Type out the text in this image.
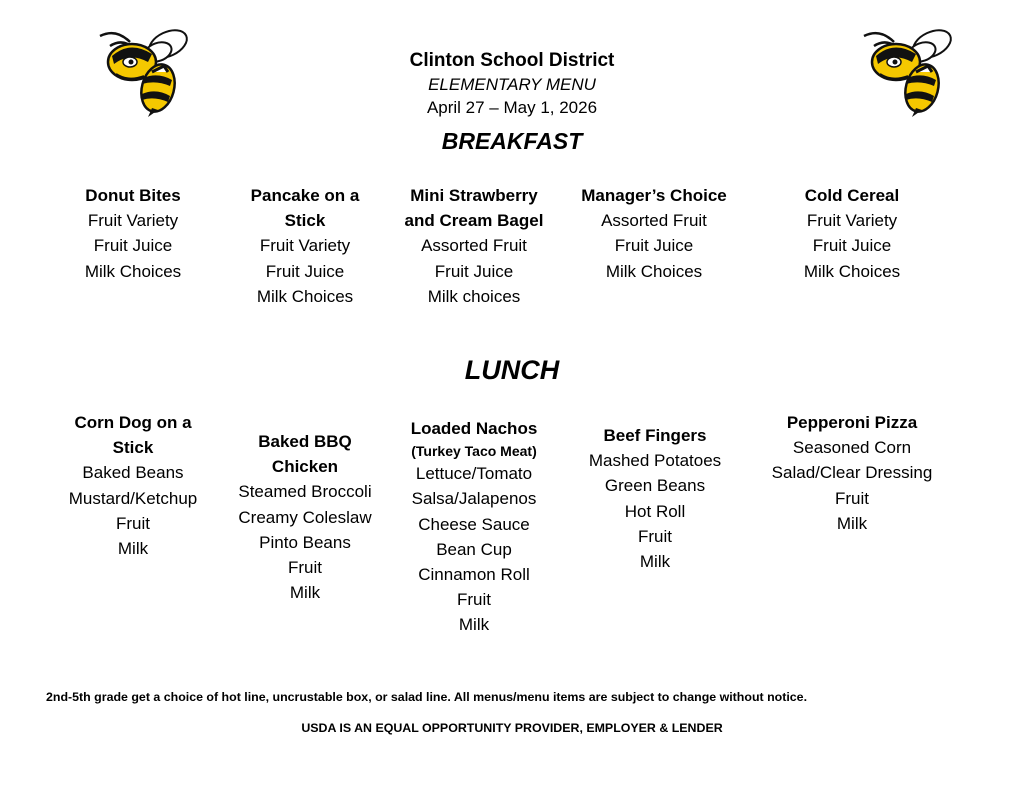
Clinton School District
ELEMENTARY MENU
April 27 – May 1, 2026
BREAKFAST
Donut Bites
Fruit Variety
Fruit Juice
Milk Choices
Pancake on a
Stick
Fruit Variety
Fruit Juice
Milk Choices
Mini Strawberry
and Cream Bagel
Assorted Fruit
Fruit Juice
Milk choices
Manager’s Choice
Assorted Fruit
Fruit Juice
Milk Choices
Cold Cereal
Fruit Variety
Fruit Juice
Milk Choices
LUNCH
Corn Dog on a
Stick
Baked Beans
Mustard/Ketchup
Fruit
Milk
Baked BBQ
Chicken
Steamed Broccoli
Creamy Coleslaw
Pinto Beans
Fruit
Milk
Loaded Nachos
(Turkey Taco Meat)
Lettuce/Tomato
Salsa/Jalapenos
Cheese Sauce
Bean Cup
Cinnamon Roll
Fruit
Milk
Beef Fingers
Mashed Potatoes
Green Beans
Hot Roll
Fruit
Milk
Pepperoni Pizza
Seasoned Corn
Salad/Clear Dressing
Fruit
Milk
2nd-5th grade get a choice of hot line, uncrustable box, or salad line. All menus/menu items are subject to change without notice.
USDA IS AN EQUAL OPPORTUNITY PROVIDER, EMPLOYER & LENDER
